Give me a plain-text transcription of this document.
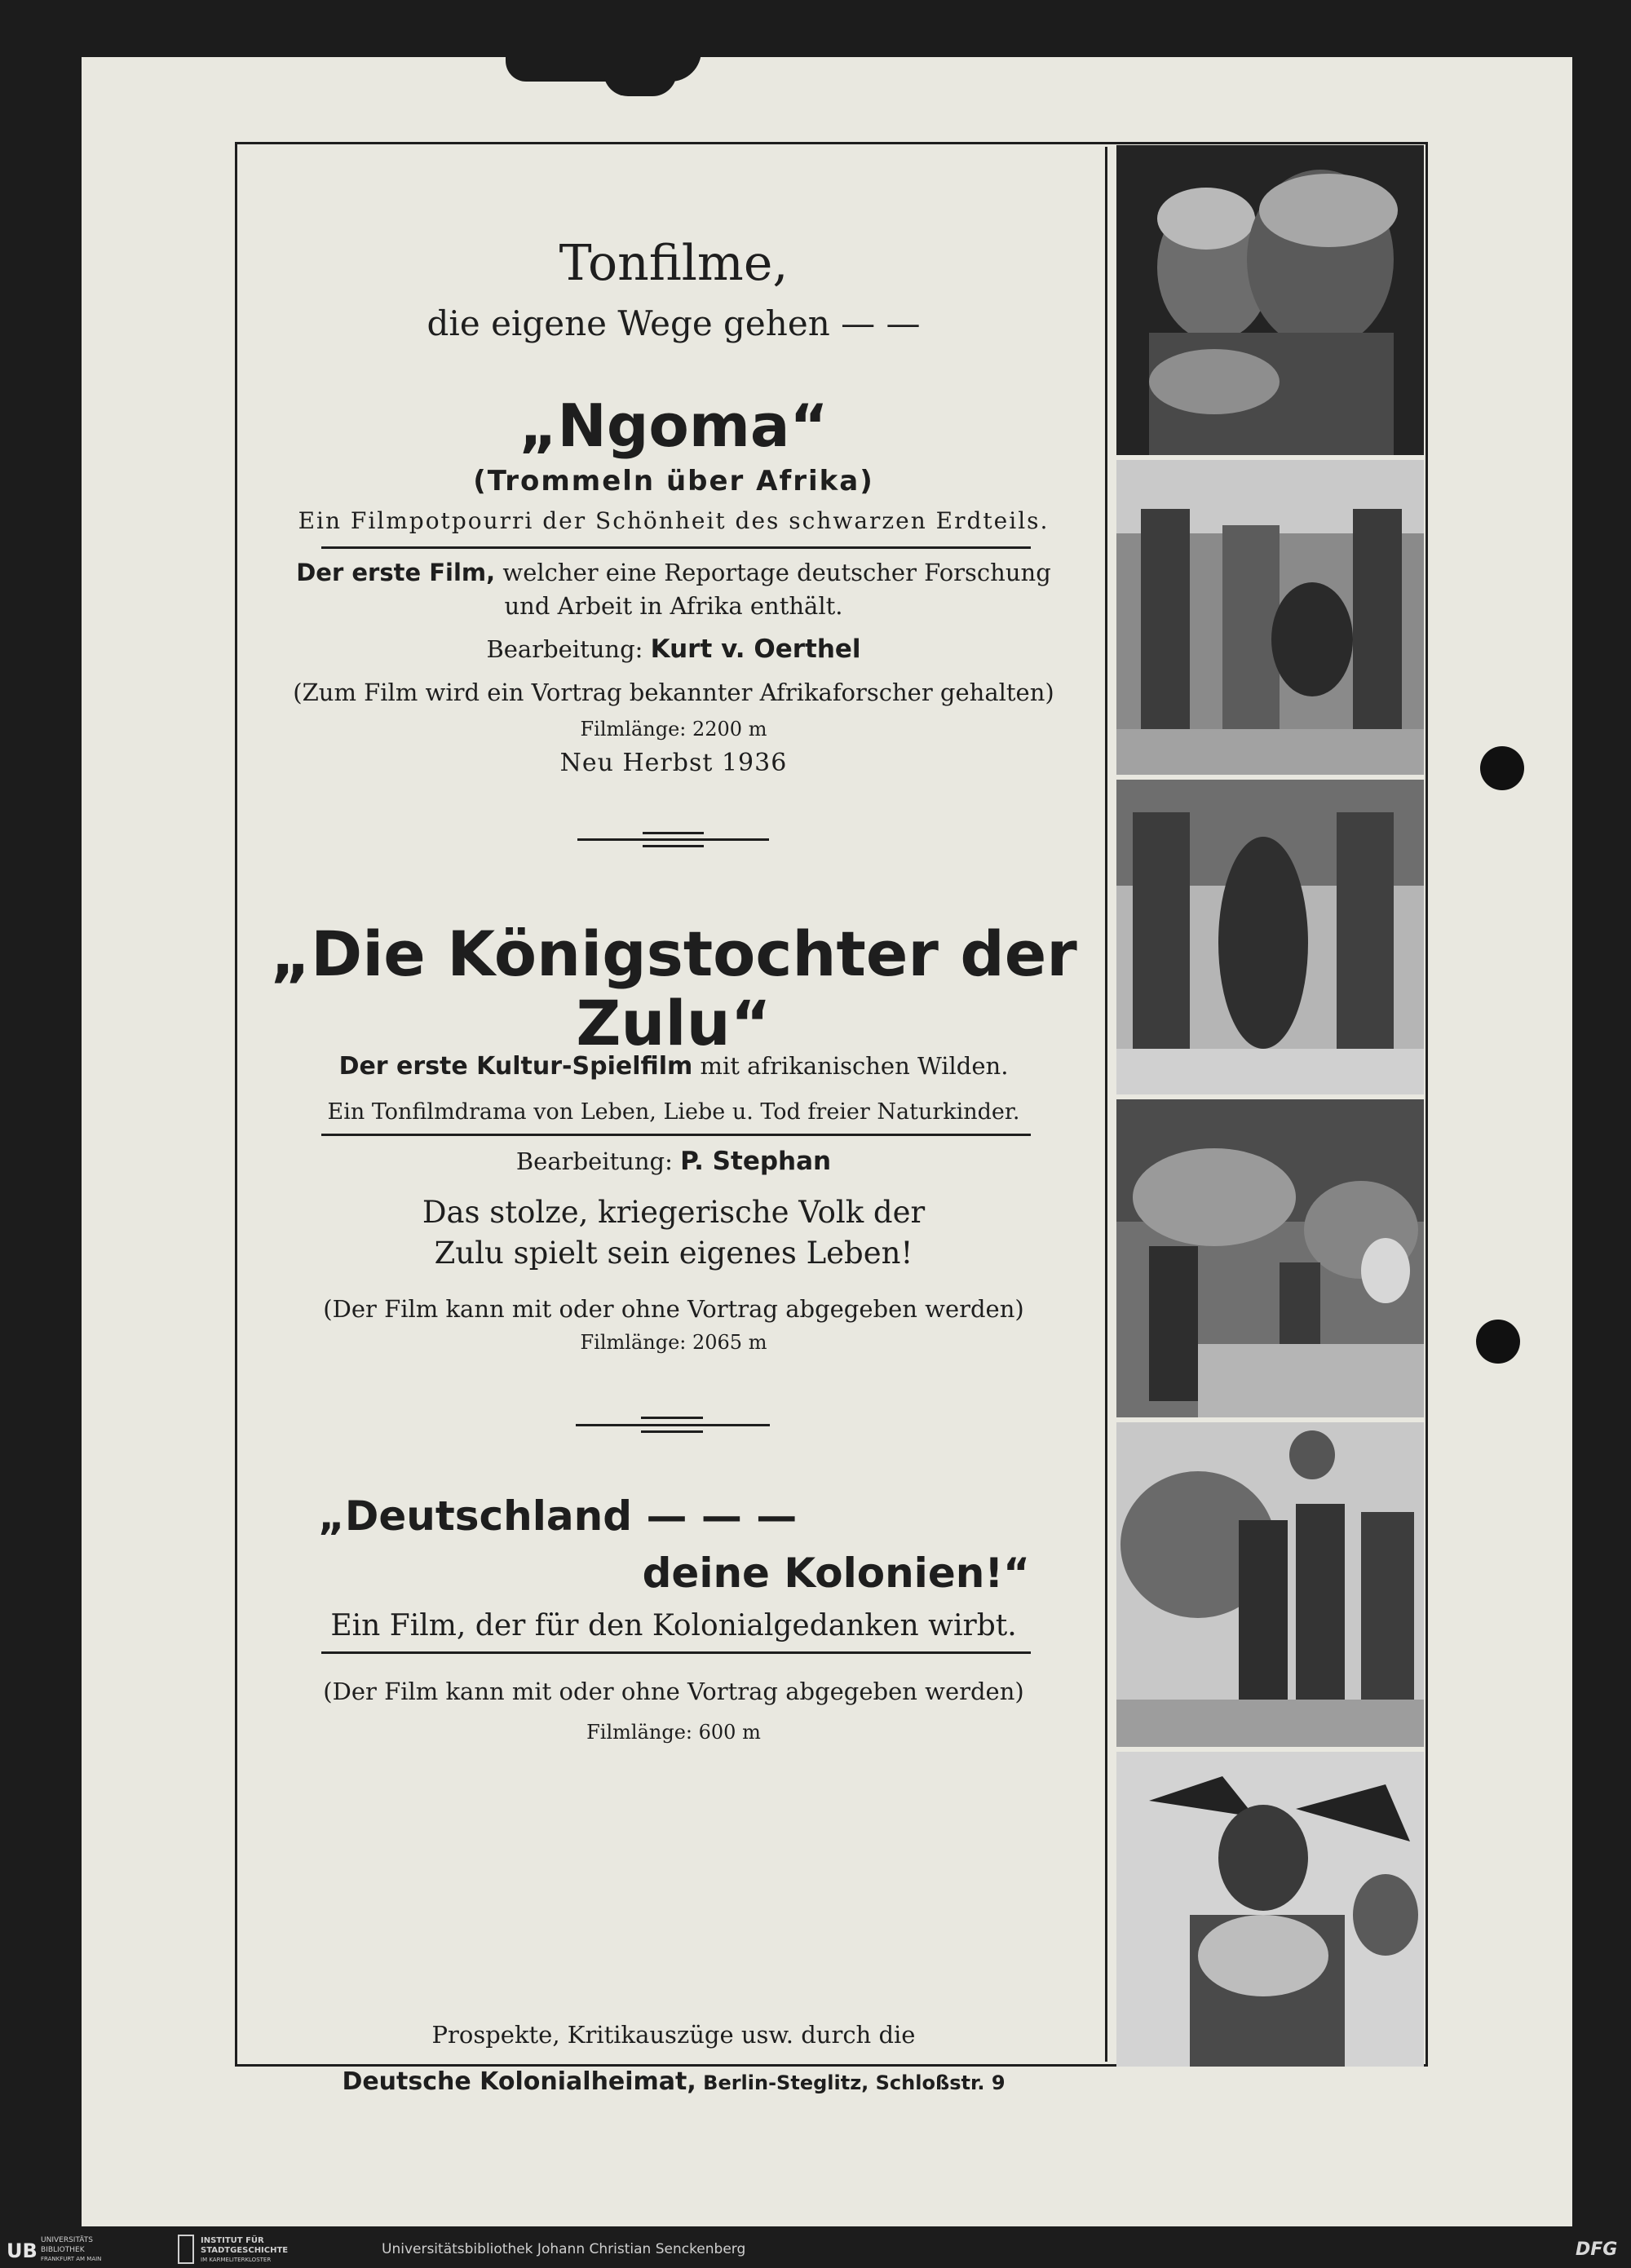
Tonfilme,
die eigene Wege gehen — —
„Ngoma“
(Trommeln über Afrika)
Ein Filmpotpourri der Schönheit des schwarzen Erdteils.
Der erste Film, welcher eine Reportage deutscher Forschung
und Arbeit in Afrika enthält.
Bearbeitung: Kurt v. Oerthel
(Zum Film wird ein Vortrag bekannter Afrikaforscher gehalten)
Filmlänge: 2200 m
Neu Herbst 1936
„Die Königstochter der
Zulu“
Der erste Kultur-Spielfilm mit afrikanischen Wilden.
Ein Tonfilmdrama von Leben, Liebe u. Tod freier Naturkinder.
Bearbeitung: P. Stephan
Das stolze, kriegerische Volk der
Zulu spielt sein eigenes Leben!
(Der Film kann mit oder ohne Vortrag abgegeben werden)
Filmlänge: 2065 m
„Deutschland — — —
deine Kolonien!“
Ein Film, der für den Kolonialgedanken wirbt.
(Der Film kann mit oder ohne Vortrag abgegeben werden)
Filmlänge: 600 m
Prospekte, Kritikauszüge usw. durch die
Deutsche Kolonialheimat, Berlin-Steglitz, Schloßstr. 9
UB UNIVERSITÄTS
BIBLIOTHEK
FRANKFURT AM MAIN
INSTITUT FÜR
STADTGESCHICHTE
IM KARMELITERKLOSTER
Universitätsbibliothek Johann Christian Senckenberg	DFG
